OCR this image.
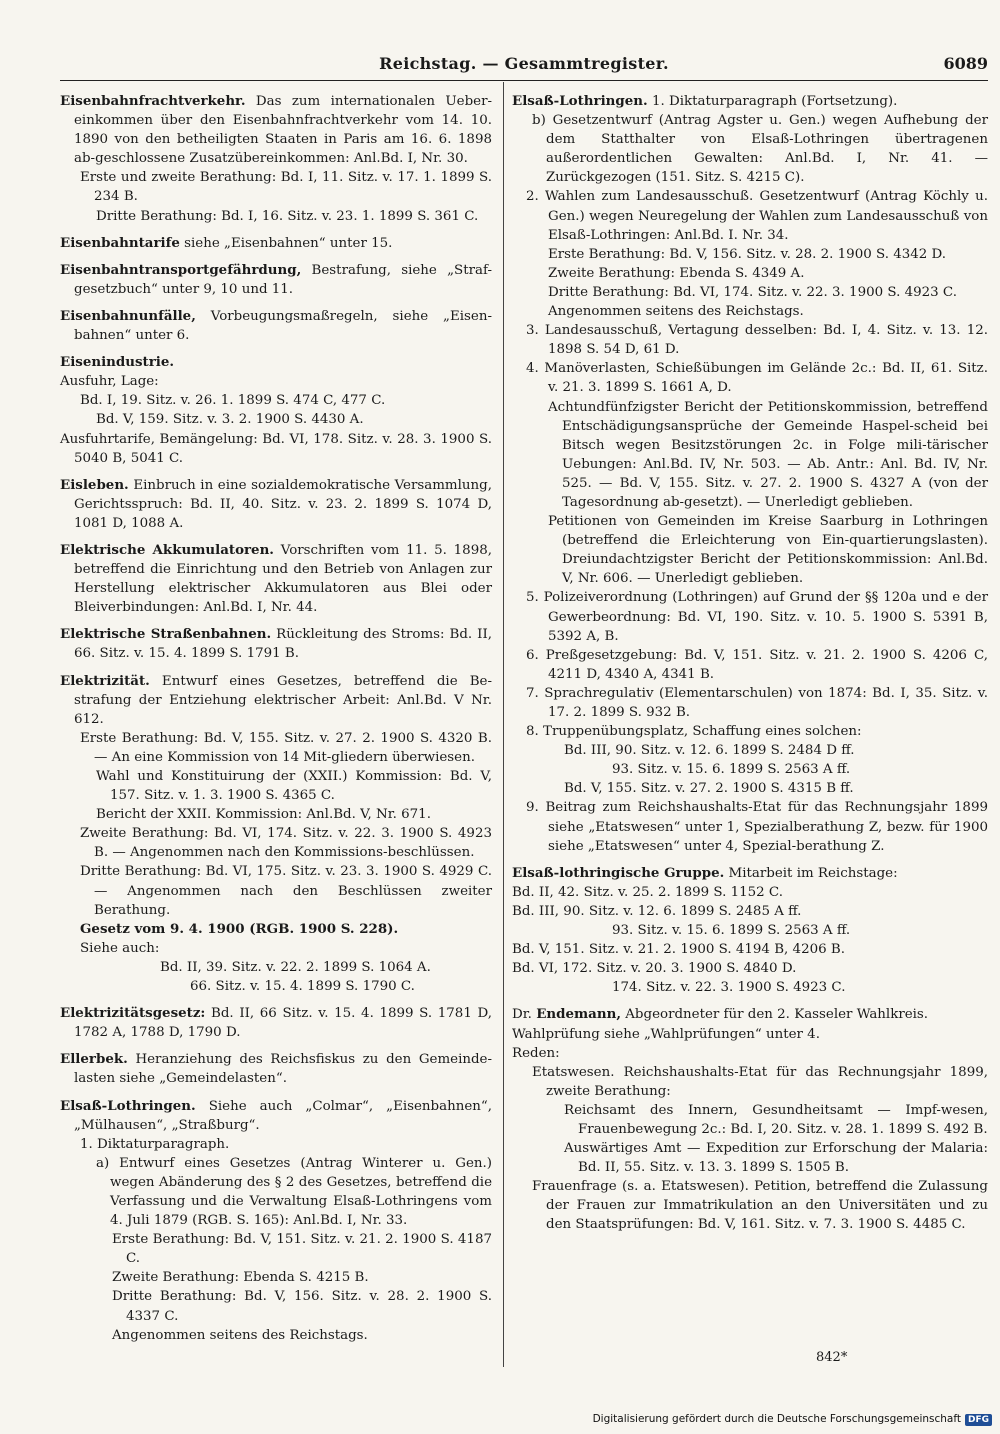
Reichstag. — Gesammtregister.	6089
Eisenbahnfrachtverkehr. Das zum internationalen Ueber-einkommen über den Eisenbahnfrachtverkehr vom 14. 10. 1890 von den betheiligten Staaten in Paris am 16. 6. 1898 ab-geschlossene Zusatzübereinkommen: Anl.Bd. I, Nr. 30.
Erste und zweite Berathung: Bd. I, 11. Sitz. v. 17. 1. 1899 S. 234 B.
Dritte Berathung: Bd. I, 16. Sitz. v. 23. 1. 1899 S. 361 C.
Eisenbahntarife siehe „Eisenbahnen“ unter 15.
Eisenbahntransportgefährdung, Bestrafung, siehe „Straf-gesetzbuch“ unter 9, 10 und 11.
Eisenbahnunfälle, Vorbeugungsmaßregeln, siehe „Eisen-bahnen“ unter 6.
Eisenindustrie.
Ausfuhr, Lage:
Bd. I, 19. Sitz. v. 26. 1. 1899 S. 474 C, 477 C.
Bd. V, 159. Sitz. v. 3. 2. 1900 S. 4430 A.
Ausfuhrtarife, Bemängelung: Bd. VI, 178. Sitz. v. 28. 3. 1900 S. 5040 B, 5041 C.
Eisleben. Einbruch in eine sozialdemokratische Versammlung, Gerichtsspruch: Bd. II, 40. Sitz. v. 23. 2. 1899 S. 1074 D, 1081 D, 1088 A.
Elektrische Akkumulatoren. Vorschriften vom 11. 5. 1898, betreffend die Einrichtung und den Betrieb von Anlagen zur Herstellung elektrischer Akkumulatoren aus Blei oder Bleiverbindungen: Anl.Bd. I, Nr. 44.
Elektrische Straßenbahnen. Rückleitung des Stroms: Bd. II, 66. Sitz. v. 15. 4. 1899 S. 1791 B.
Elektrizität. Entwurf eines Gesetzes, betreffend die Be-strafung der Entziehung elektrischer Arbeit: Anl.Bd. V Nr. 612.
Erste Berathung: Bd. V, 155. Sitz. v. 27. 2. 1900 S. 4320 B. — An eine Kommission von 14 Mit-gliedern überwiesen.
Wahl und Konstituirung der (XXII.) Kommission: Bd. V, 157. Sitz. v. 1. 3. 1900 S. 4365 C.
Bericht der XXII. Kommission: Anl.Bd. V, Nr. 671.
Zweite Berathung: Bd. VI, 174. Sitz. v. 22. 3. 1900 S. 4923 B. — Angenommen nach den Kommissions-beschlüssen.
Dritte Berathung: Bd. VI, 175. Sitz. v. 23. 3. 1900 S. 4929 C. — Angenommen nach den Beschlüssen zweiter Berathung.
Gesetz vom 9. 4. 1900 (RGB. 1900 S. 228).
Siehe auch:
Bd. II, 39. Sitz. v. 22. 2. 1899 S. 1064 A.
66. Sitz. v. 15. 4. 1899 S. 1790 C.
Elektrizitätsgesetz: Bd. II, 66 Sitz. v. 15. 4. 1899 S. 1781 D, 1782 A, 1788 D, 1790 D.
Ellerbek. Heranziehung des Reichsfiskus zu den Gemeinde-lasten siehe „Gemeindelasten“.
Elsaß-Lothringen. Siehe auch „Colmar“, „Eisenbahnen“, „Mülhausen“, „Straßburg“.
1. Diktaturparagraph.
a) Entwurf eines Gesetzes (Antrag Winterer u. Gen.) wegen Abänderung des § 2 des Gesetzes, betreffend die Verfassung und die Verwaltung Elsaß-Lothringens vom 4. Juli 1879 (RGB. S. 165): Anl.Bd. I, Nr. 33.
Erste Berathung: Bd. V, 151. Sitz. v. 21. 2. 1900 S. 4187 C.
Zweite Berathung: Ebenda S. 4215 B.
Dritte Berathung: Bd. V, 156. Sitz. v. 28. 2. 1900 S. 4337 C.
Angenommen seitens des Reichstags.
Elsaß-Lothringen. 1. Diktaturparagraph (Fortsetzung).
b) Gesetzentwurf (Antrag Agster u. Gen.) wegen Aufhebung der dem Statthalter von Elsaß-Lothringen übertragenen außerordentlichen Gewalten: Anl.Bd. I, Nr. 41. — Zurückgezogen (151. Sitz. S. 4215 C).
2. Wahlen zum Landesausschuß. Gesetzentwurf (Antrag Köchly u. Gen.) wegen Neuregelung der Wahlen zum Landesausschuß von Elsaß-Lothringen: Anl.Bd. I. Nr. 34.
Erste Berathung: Bd. V, 156. Sitz. v. 28. 2. 1900 S. 4342 D.
Zweite Berathung: Ebenda S. 4349 A.
Dritte Berathung: Bd. VI, 174. Sitz. v. 22. 3. 1900 S. 4923 C.
Angenommen seitens des Reichstags.
3. Landesausschuß, Vertagung desselben: Bd. I, 4. Sitz. v. 13. 12. 1898 S. 54 D, 61 D.
4. Manöverlasten, Schießübungen im Gelände 2c.: Bd. II, 61. Sitz. v. 21. 3. 1899 S. 1661 A, D.
Achtundfünfzigster Bericht der Petitionskommission, betreffend Entschädigungsansprüche der Gemeinde Haspel-scheid bei Bitsch wegen Besitzstörungen 2c. in Folge mili-tärischer Uebungen: Anl.Bd. IV, Nr. 503. — Ab. Antr.: Anl. Bd. IV, Nr. 525. — Bd. V, 155. Sitz. v. 27. 2. 1900 S. 4327 A (von der Tagesordnung ab-gesetzt). — Unerledigt geblieben.
Petitionen von Gemeinden im Kreise Saarburg in Lothringen (betreffend die Erleichterung von Ein-quartierungslasten). Dreiundachtzigster Bericht der Petitionskommission: Anl.Bd. V, Nr. 606. — Unerledigt geblieben.
5. Polizeiverordnung (Lothringen) auf Grund der §§ 120a und e der Gewerbeordnung: Bd. VI, 190. Sitz. v. 10. 5. 1900 S. 5391 B, 5392 A, B.
6. Preßgesetzgebung: Bd. V, 151. Sitz. v. 21. 2. 1900 S. 4206 C, 4211 D, 4340 A, 4341 B.
7. Sprachregulativ (Elementarschulen) von 1874: Bd. I, 35. Sitz. v. 17. 2. 1899 S. 932 B.
8. Truppenübungsplatz, Schaffung eines solchen:
Bd. III, 90. Sitz. v. 12. 6. 1899 S. 2484 D ff.
93. Sitz. v. 15. 6. 1899 S. 2563 A ff.
Bd. V, 155. Sitz. v. 27. 2. 1900 S. 4315 B ff.
9. Beitrag zum Reichshaushalts-Etat für das Rechnungsjahr 1899 siehe „Etatswesen“ unter 1, Spezialberathung Z, bezw. für 1900 siehe „Etatswesen“ unter 4, Spezial-berathung Z.
Elsaß-lothringische Gruppe. Mitarbeit im Reichstage:
Bd. II, 42. Sitz. v. 25. 2. 1899 S. 1152 C.
Bd. III, 90. Sitz. v. 12. 6. 1899 S. 2485 A ff.
93. Sitz. v. 15. 6. 1899 S. 2563 A ff.
Bd. V, 151. Sitz. v. 21. 2. 1900 S. 4194 B, 4206 B.
Bd. VI, 172. Sitz. v. 20. 3. 1900 S. 4840 D.
174. Sitz. v. 22. 3. 1900 S. 4923 C.
Dr. Endemann, Abgeordneter für den 2. Kasseler Wahlkreis.
Wahlprüfung siehe „Wahlprüfungen“ unter 4.
Reden:
Etatswesen. Reichshaushalts-Etat für das Rechnungsjahr 1899, zweite Berathung:
Reichsamt des Innern, Gesundheitsamt — Impf-wesen, Frauenbewegung 2c.: Bd. I, 20. Sitz. v. 28. 1. 1899 S. 492 B.
Auswärtiges Amt — Expedition zur Erforschung der Malaria: Bd. II, 55. Sitz. v. 13. 3. 1899 S. 1505 B.
Frauenfrage (s. a. Etatswesen). Petition, betreffend die Zulassung der Frauen zur Immatrikulation an den Universitäten und zu den Staatsprüfungen: Bd. V, 161. Sitz. v. 7. 3. 1900 S. 4485 C.
842*
Digitalisierung gefördert durch die Deutsche Forschungsgemeinschaft DFG
